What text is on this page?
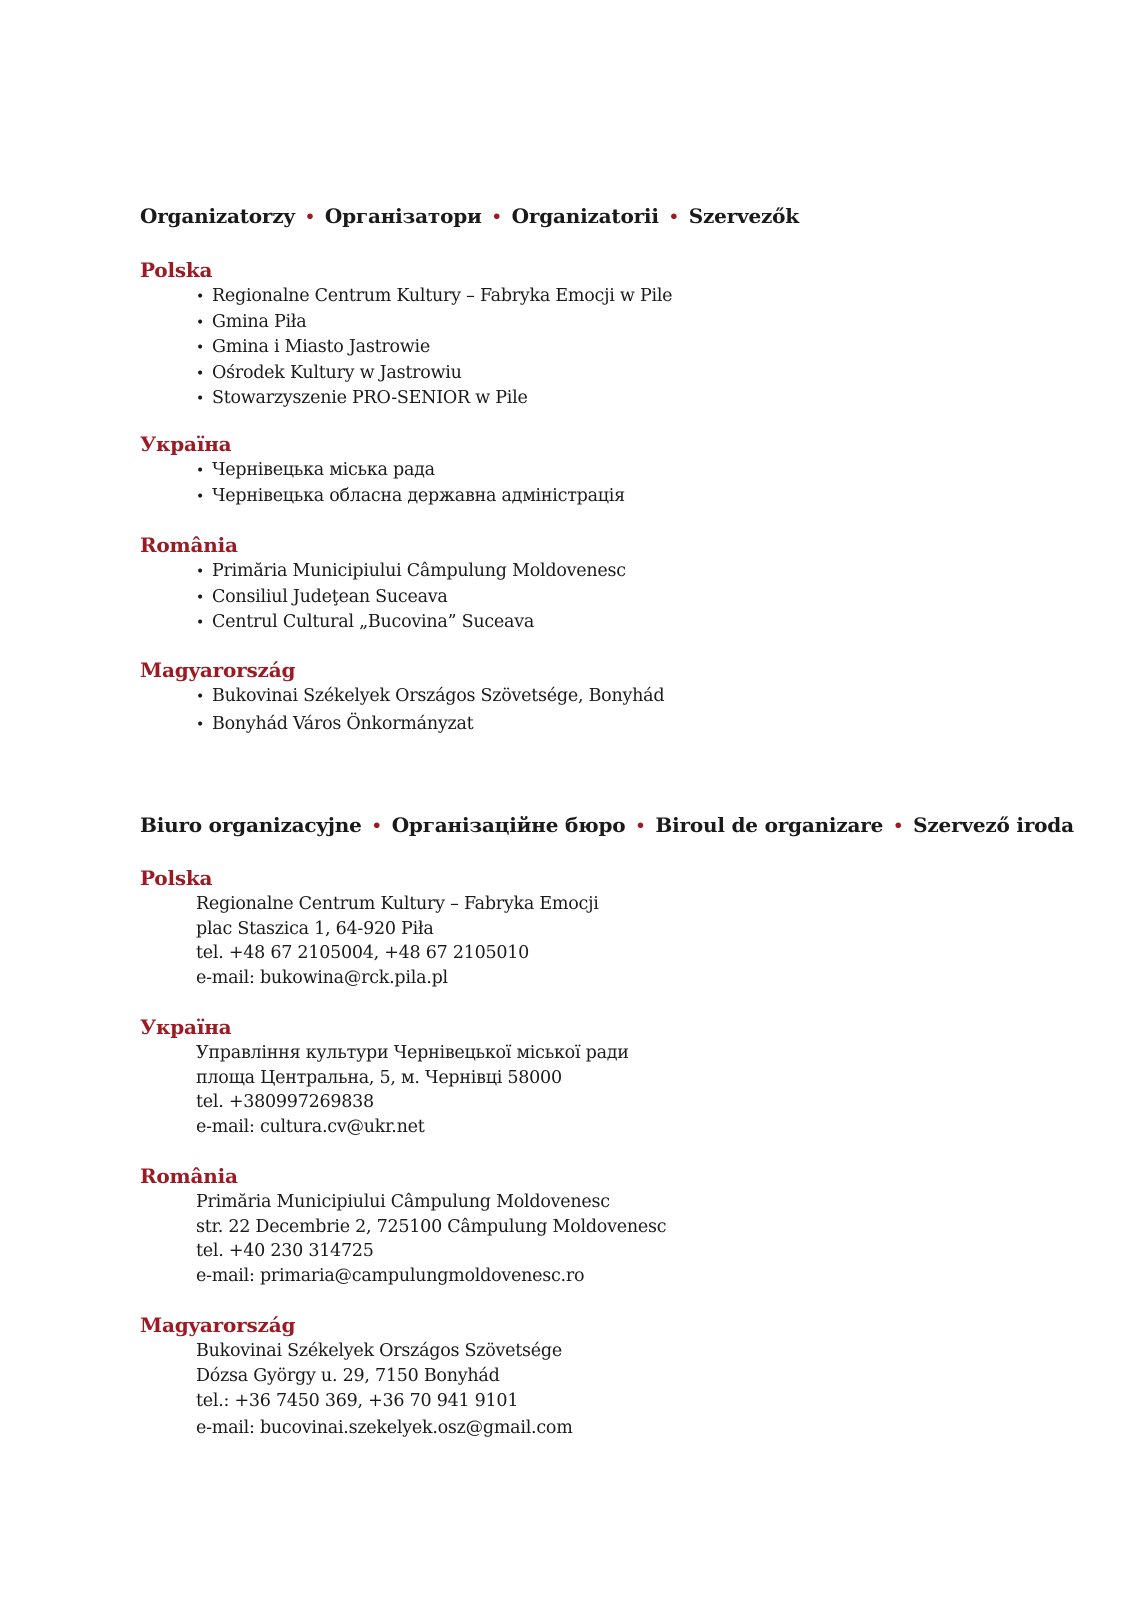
Organizatorzy • Організатори • Organizatorii • Szervezők
Polska
• Regionalne Centrum Kultury – Fabryka Emocji w Pile
• Gmina Piła
• Gmina i Miasto Jastrowie
• Ośrodek Kultury w Jastrowiu
• Stowarzyszenie PRO-SENIOR w Pile
Україна
• Чернівецька міська рада
• Чернівецька обласна державна адміністрація
România
• Primăria Municipiului Câmpulung Moldovenesc
• Consiliul Judeţean Suceava
• Centrul Cultural „Bucovina” Suceava
Magyarország
• Bukovinai Székelyek Országos Szövetsége, Bonyhád
• Bonyhád Város Önkormányzat
Biuro organizacyjne • Організаційне бюро • Biroul de organizare • Szervező iroda
Polska
Regionalne Centrum Kultury – Fabryka Emocji
plac Staszica 1, 64-920 Piła
tel. +48 67 2105004, +48 67 2105010
e-mail: bukowina@rck.pila.pl
Україна
Управління культури Чернівецької міської ради
площа Центральна, 5, м. Чернівці 58000
tel. +380997269838
e-mail: cultura.cv@ukr.net
România
Primăria Municipiului Câmpulung Moldovenesc
str. 22 Decembrie 2, 725100 Câmpulung Moldovenesc
tel. +40 230 314725
e-mail: primaria@campulungmoldovenesc.ro
Magyarország
Bukovinai Székelyek Országos Szövetsége
Dózsa György u. 29, 7150 Bonyhád
tel.: +36 7450 369, +36 70 941 9101
e-mail: bucovinai.szekelyek.osz@gmail.com
